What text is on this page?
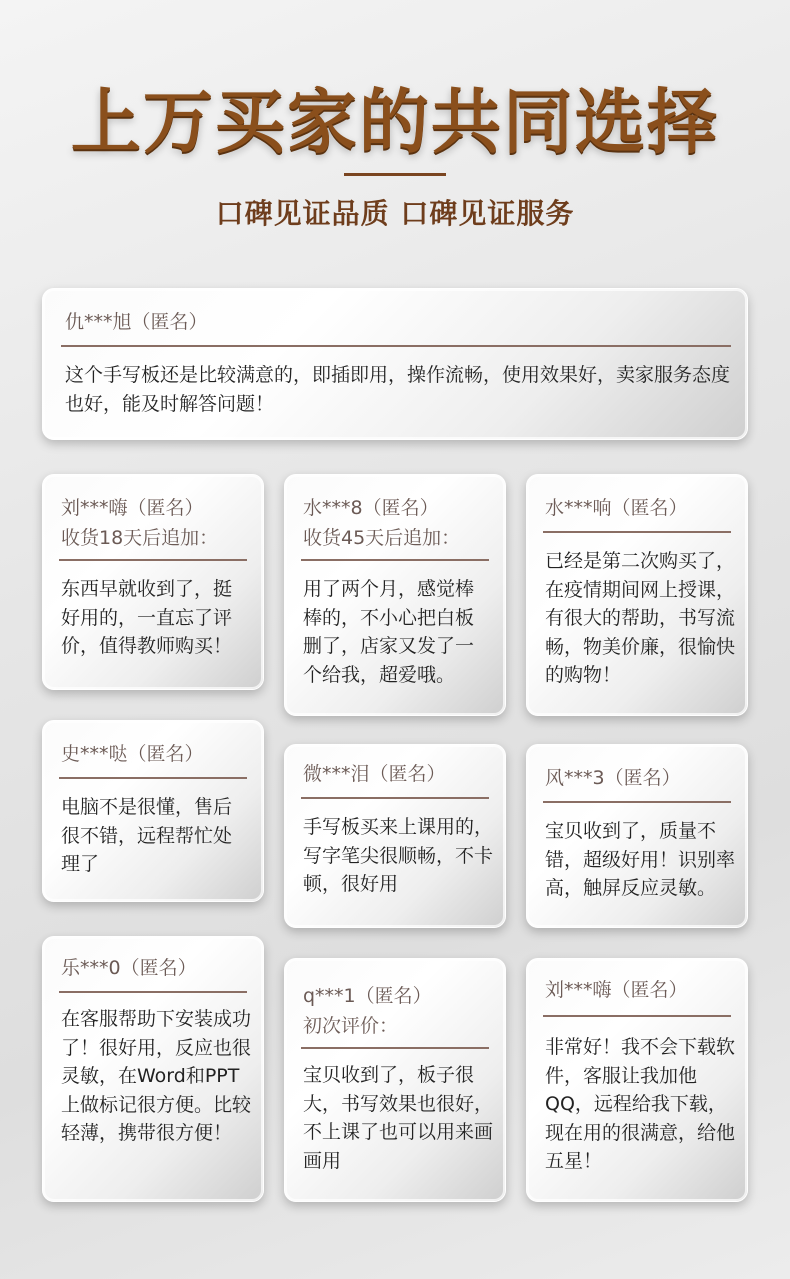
上万买家的共同选择
口碑见证品质 口碑见证服务
仇***旭（匿名）
这个手写板还是比较满意的，即插即用，操作流畅，使用效果好，卖家服务态度也好，能及时解答问题！
刘***嗨（匿名）
收货18天后追加：
东西早就收到了，挺好用的，一直忘了评价，值得教师购买！
水***8（匿名）
收货45天后追加：
用了两个月，感觉棒棒的，不小心把白板删了，店家又发了一个给我，超爱哦。
水***响（匿名）
已经是第二次购买了，在疫情期间网上授课，有很大的帮助，书写流畅，物美价廉，很愉快的购物！
史***哒（匿名）
电脑不是很懂，售后很不错，远程帮忙处理了
微***泪（匿名）
手写板买来上课用的，写字笔尖很顺畅，不卡顿，很好用
风***3（匿名）
宝贝收到了，质量不错，超级好用！识别率高，触屏反应灵敏。
乐***0（匿名）
在客服帮助下安装成功了！很好用，反应也很灵敏，在Word和PPT上做标记很方便。比较轻薄，携带很方便！
q***1（匿名）
初次评价：
宝贝收到了，板子很大，书写效果也很好，不上课了也可以用来画画用
刘***嗨（匿名）
非常好！我不会下载软件，客服让我加他QQ，远程给我下载，现在用的很满意，给他五星！
